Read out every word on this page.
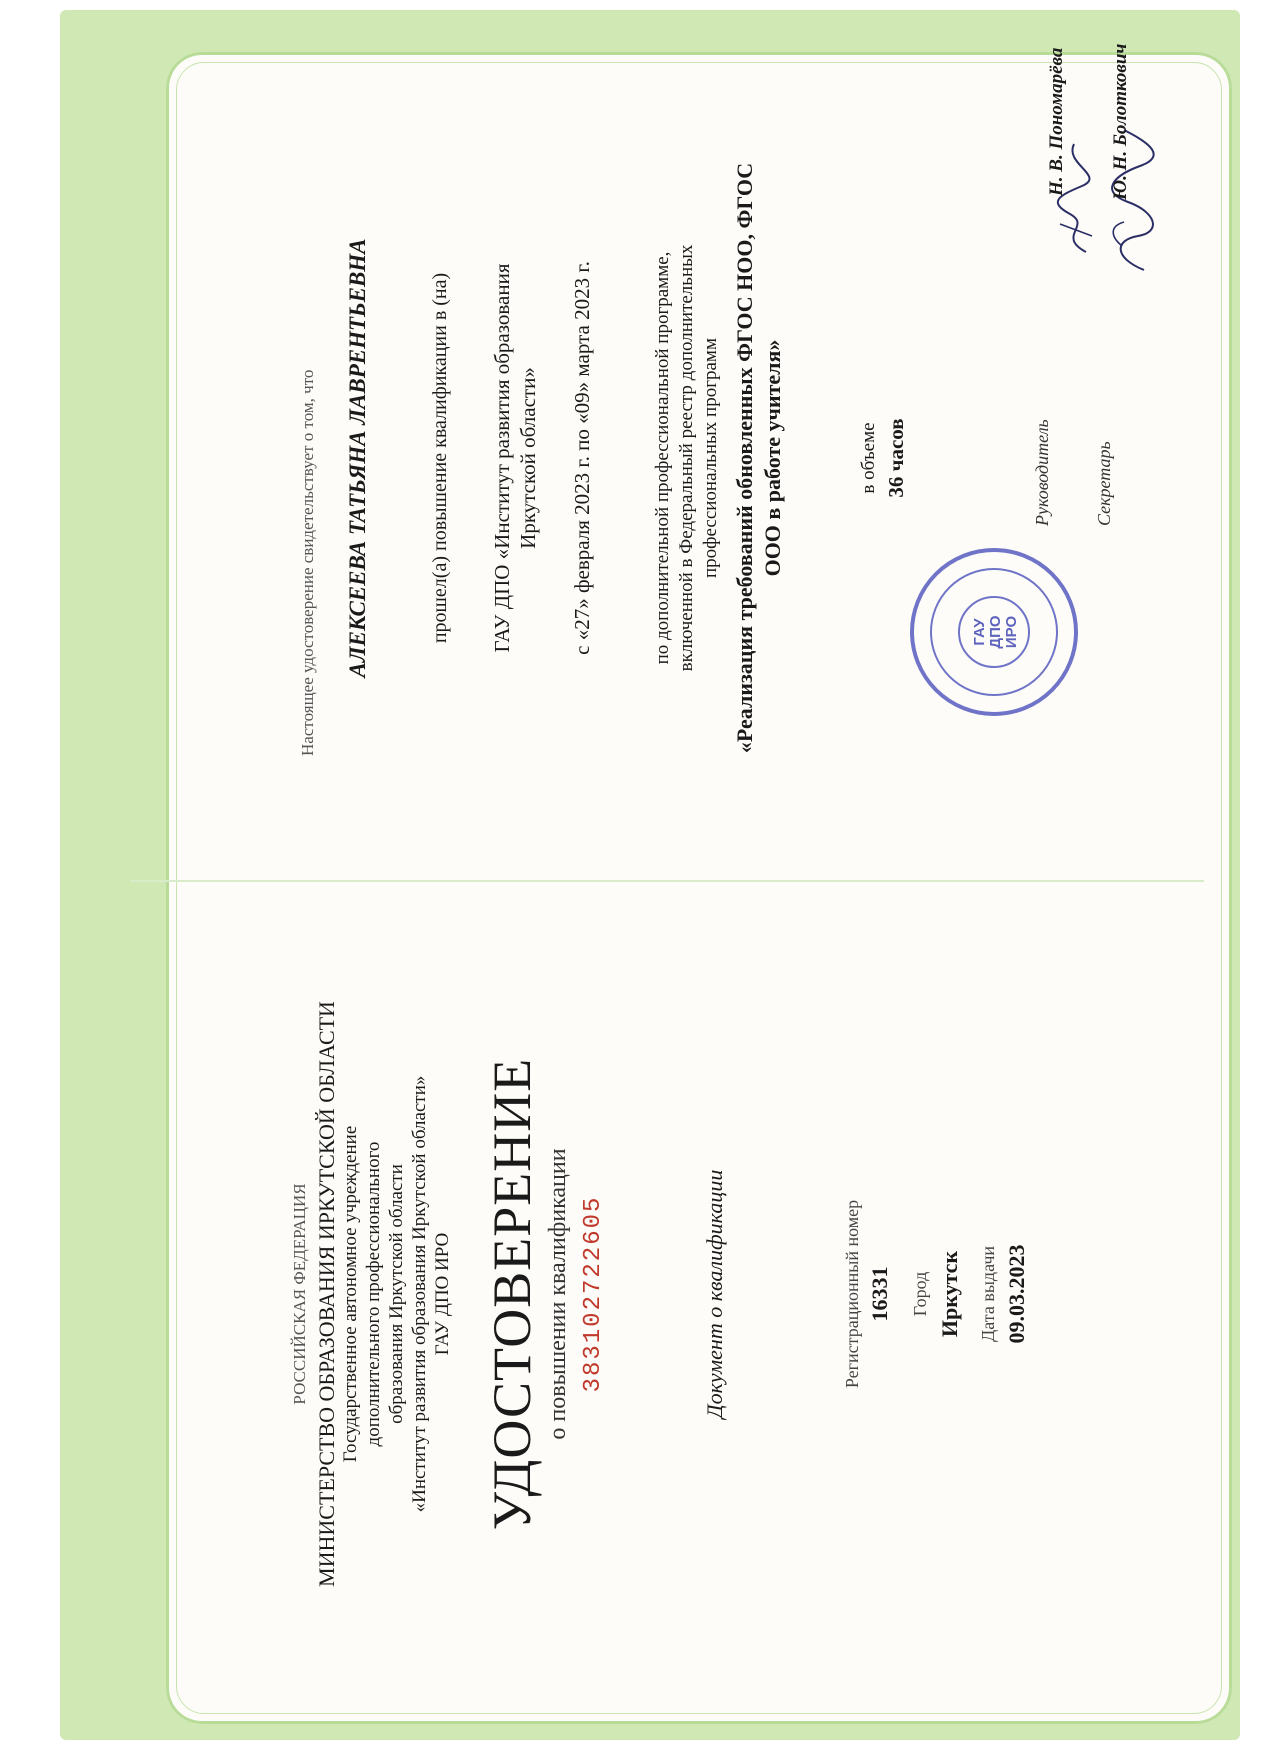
РОССИЙСКАЯ ФЕДЕРАЦИЯ МИНИСТЕРСТВО ОБРАЗОВАНИЯ ИРКУТСКОЙ ОБЛАСТИ Государственное автономное учреждение дополнительного профессионального образования Иркутской области «Институт развития образования Иркутской области» ГАУ ДПО ИРО УДОСТОВЕРЕНИЕ о повышении квалификации 383102722605	Документ о квалификации	Регистрационный номер 16331 Город Иркутск Дата выдачи 09.03.2023
Настоящее удостоверение свидетельствует о том, что АЛЕКСЕЕВА ТАТЬЯНА ЛАВРЕНТЬЕВНА	прошел(а) повышение квалификации в (на) ГАУ ДПО «Институт развития образования Иркутской области» с «27» февраля 2023 г. по «09» марта 2023 г.	по дополнительной профессиональной программе, включенной в Федеральный реестр дополнительных профессиональных программ «Реализация требований обновленных ФГОС НОО, ФГОС ООО в работе учителя»	в объеме 36 часов
ГАУ ДПО ИРО
Руководитель
Н. В. Пономарёва
Секретарь
Ю. Н. Болоткович
